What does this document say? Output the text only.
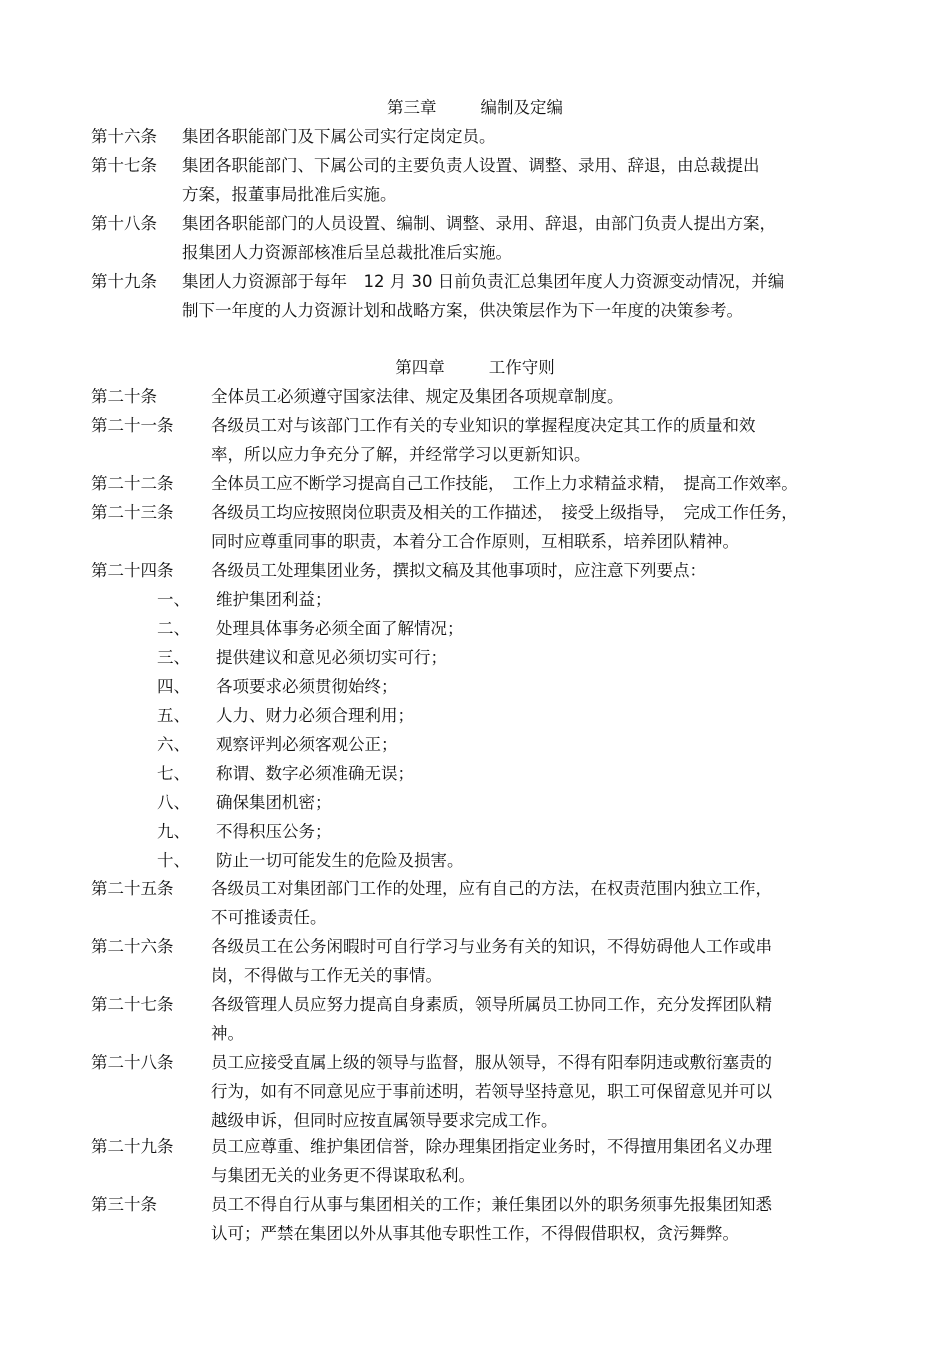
第三章	编制及定编
第十六条 集团各职能部门及下属公司实行定岗定员。
第十七条 集团各职能部门、下属公司的主要负责人设置、调整、录用、辞退，由总裁提出
方案，报董事局批准后实施。
第十八条 集团各职能部门的人员设置、编制、调整、录用、辞退，由部门负责人提出方案，
报集团人力资源部核准后呈总裁批准后实施。
第十九条 集团人力资源部于每年　12 月 30 日前负责汇总集团年度人力资源变动情况，并编
制下一年度的人力资源计划和战略方案，供决策层作为下一年度的决策参考。
第四章	工作守则
第二十条	全体员工必须遵守国家法律、规定及集团各项规章制度。
第二十一条 各级员工对与该部门工作有关的专业知识的掌握程度决定其工作的质量和效
率，所以应力争充分了解，并经常学习以更新知识。
第二十二条 全体员工应不断学习提高自己工作技能，　工作上力求精益求精，　提高工作效率。
第二十三条 各级员工均应按照岗位职责及相关的工作描述，　接受上级指导，　完成工作任务，
同时应尊重同事的职责，本着分工合作原则，互相联系，培养团队精神。
第二十四条 各级员工处理集团业务，撰拟文稿及其他事项时，应注意下列要点：
一、 维护集团利益；
二、 处理具体事务必须全面了解情况；
三、 提供建议和意见必须切实可行；
四、 各项要求必须贯彻始终；
五、 人力、财力必须合理利用；
六、 观察评判必须客观公正；
七、 称谓、数字必须准确无误；
八、 确保集团机密；
九、 不得积压公务；
十、 防止一切可能发生的危险及损害。
第二十五条 各级员工对集团部门工作的处理，应有自己的方法，在权责范围内独立工作，
不可推诿责任。
第二十六条 各级员工在公务闲暇时可自行学习与业务有关的知识，不得妨碍他人工作或串
岗，不得做与工作无关的事情。
第二十七条 各级管理人员应努力提高自身素质，领导所属员工协同工作，充分发挥团队精
神。
第二十八条 员工应接受直属上级的领导与监督，服从领导，不得有阳奉阴违或敷衍塞责的
行为，如有不同意见应于事前述明，若领导坚持意见，职工可保留意见并可以
越级申诉，但同时应按直属领导要求完成工作。
第二十九条 员工应尊重、维护集团信誉，除办理集团指定业务时，不得擅用集团名义办理
与集团无关的业务更不得谋取私利。
第三十条	员工不得自行从事与集团相关的工作；兼任集团以外的职务须事先报集团知悉
认可；严禁在集团以外从事其他专职性工作，不得假借职权，贪污舞弊。
